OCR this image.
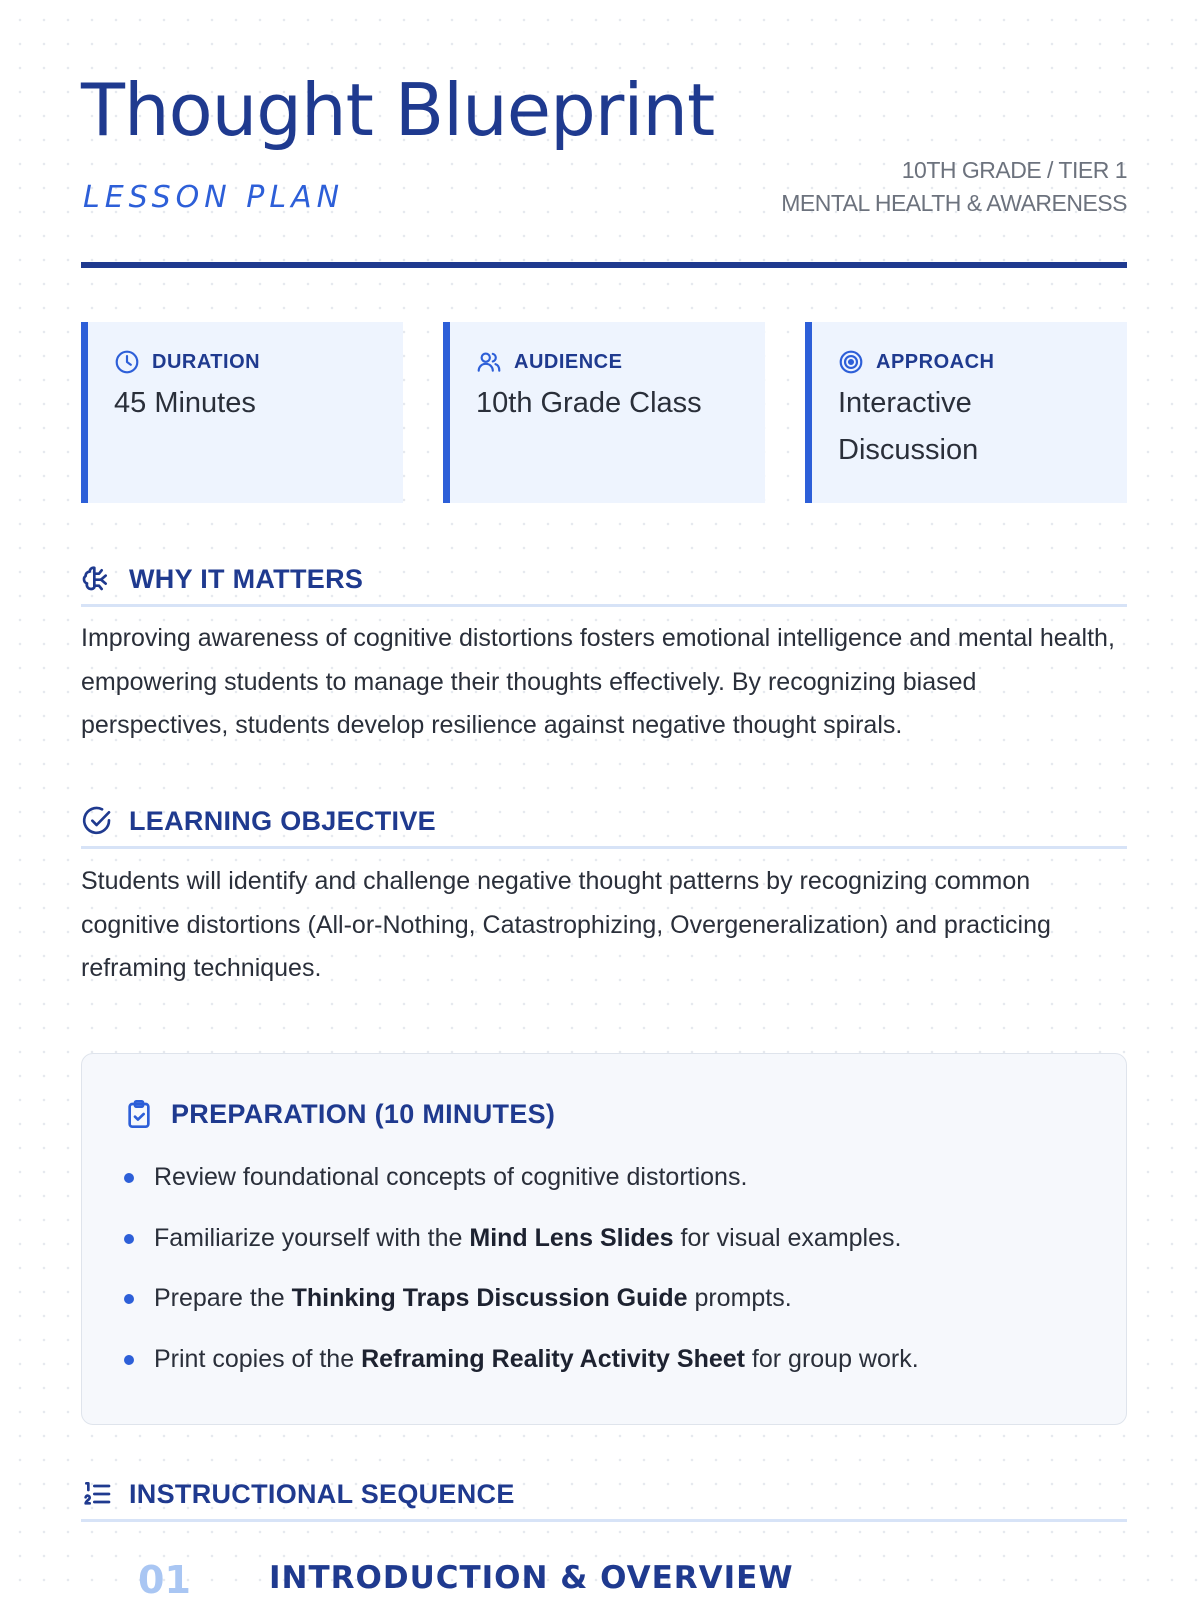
Thought Blueprint
LESSON PLAN
10TH GRADE / TIER 1
MENTAL HEALTH & AWARENESS
DURATION
45 Minutes
AUDIENCE
10th Grade Class
APPROACH
Interactive Discussion
WHY IT MATTERS

Improving awareness of cognitive distortions fosters emotional intelligence and mental health, empowering students to manage their thoughts effectively. By recognizing biased perspectives, students develop resilience against negative thought spirals.

LEARNING OBJECTIVE

Students will identify and challenge negative thought patterns by recognizing common cognitive distortions (All-or-Nothing, Catastrophizing, Overgeneralization) and practicing reframing techniques.

PREPARATION (10 MINUTES)
Review foundational concepts of cognitive distortions.
Familiarize yourself with the Mind Lens Slides for visual examples.
Prepare the Thinking Traps Discussion Guide prompts.
Print copies of the Reframing Reality Activity Sheet for group work.
INSTRUCTIONAL SEQUENCE
01	INTRODUCTION & OVERVIEW
